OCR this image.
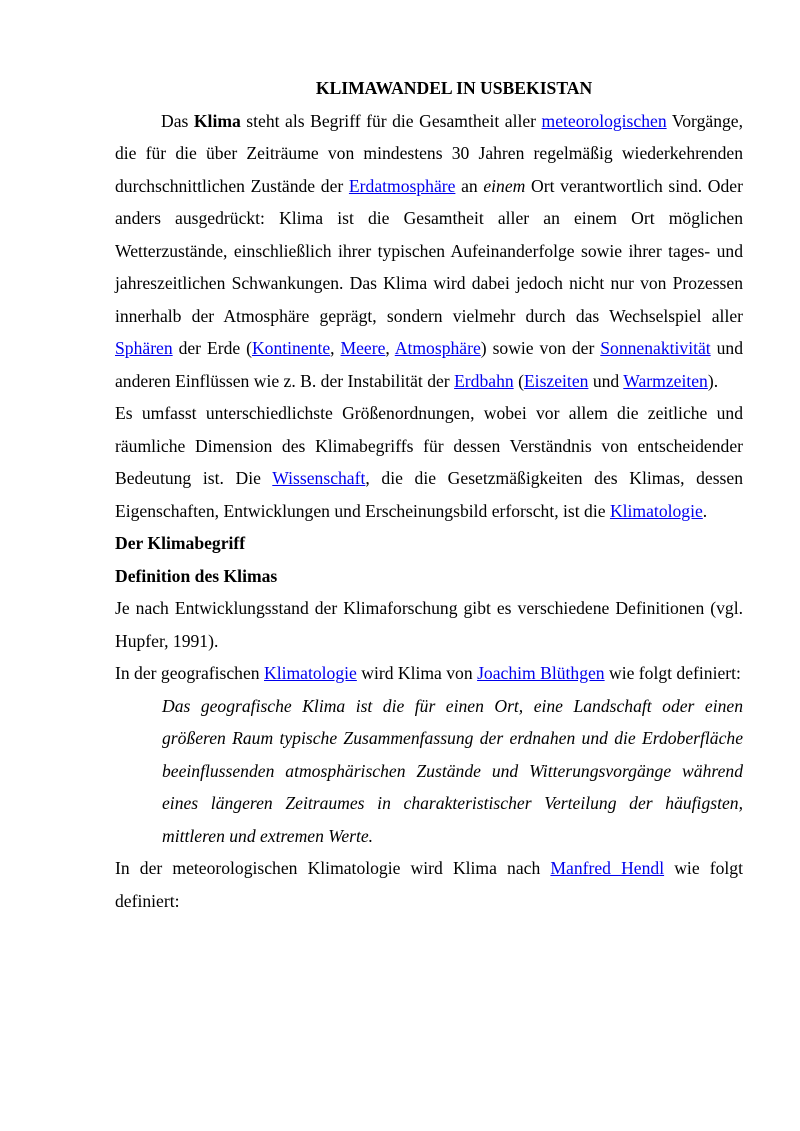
KLIMAWANDEL IN USBEKISTAN

Das Klima steht als Begriff für die Gesamtheit aller meteorologischen Vorgänge, die für die über Zeiträume von mindestens 30 Jahren regelmäßig wiederkehrenden durchschnittlichen Zustände der Erdatmosphäre an einem Ort verantwortlich sind. Oder anders ausgedrückt: Klima ist die Gesamtheit aller an einem Ort möglichen Wetterzustände, einschließlich ihrer typischen Aufeinanderfolge sowie ihrer tages- und jahreszeitlichen Schwankungen. Das Klima wird dabei jedoch nicht nur von Prozessen innerhalb der Atmosphäre geprägt, sondern vielmehr durch das Wechselspiel aller Sphären der Erde (Kontinente, Meere, Atmosphäre) sowie von der Sonnenaktivität und anderen Einflüssen wie z. B. der Instabilität der Erdbahn (Eiszeiten und Warmzeiten).

Es umfasst unterschiedlichste Größenordnungen, wobei vor allem die zeitliche und räumliche Dimension des Klimabegriffs für dessen Verständnis von entscheidender Bedeutung ist. Die Wissenschaft, die die Gesetzmäßigkeiten des Klimas, dessen Eigenschaften, Entwicklungen und Erscheinungsbild erforscht, ist die Klimatologie.

Der Klimabegriff
Definition des Klimas

Je nach Entwicklungsstand der Klimaforschung gibt es verschiedene Definitionen (vgl. Hupfer, 1991).

In der geografischen Klimatologie wird Klima von Joachim Blüthgen wie folgt definiert:

Das geografische Klima ist die für einen Ort, eine Landschaft oder einen größeren Raum typische Zusammenfassung der erdnahen und die Erdoberfläche beeinflussenden atmosphärischen Zustände und Witterungsvorgänge während eines längeren Zeitraumes in charakteristischer Verteilung der häufigsten, mittleren und extremen Werte.

In der meteorologischen Klimatologie wird Klima nach Manfred Hendl wie folgt definiert:
